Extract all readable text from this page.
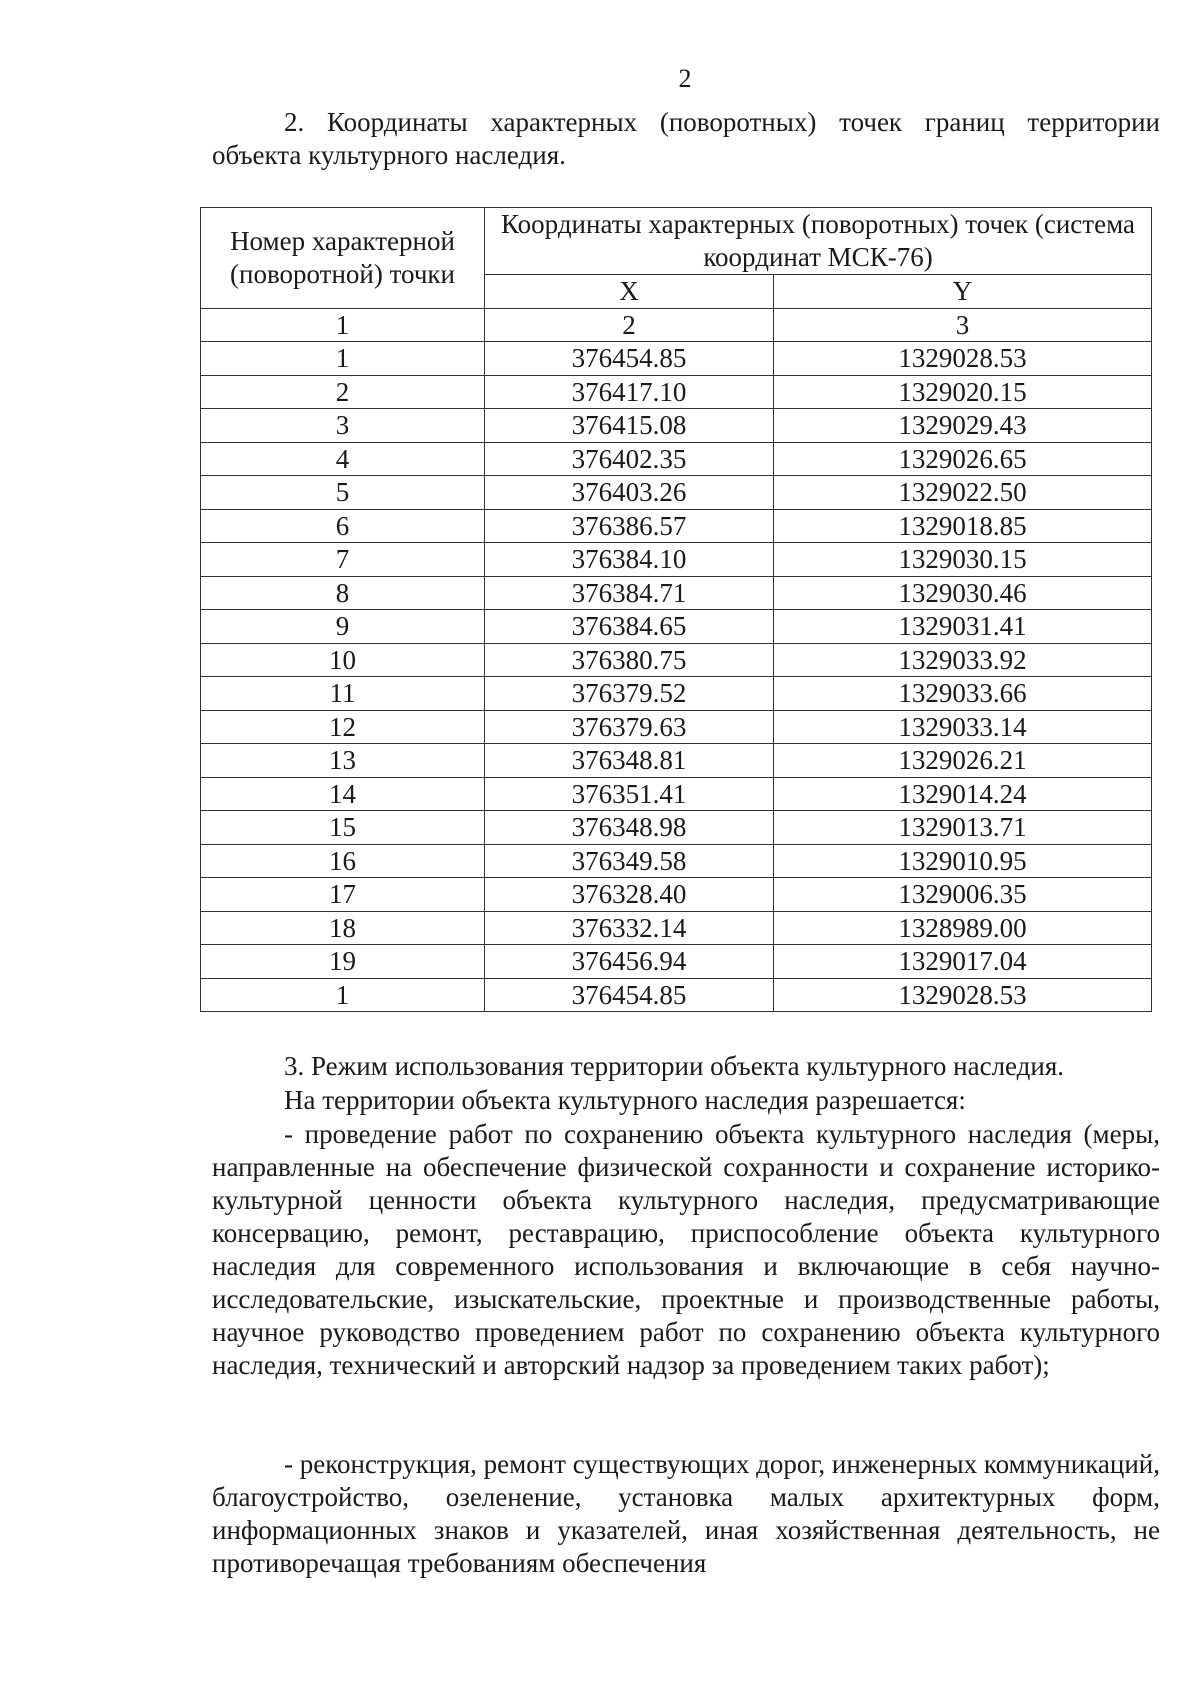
2
2. Координаты характерных (поворотных) точек границ территории объекта культурного наследия.
Номер характерной (поворотной) точки	Координаты характерных (поворотных) точек (система координат МСК-76)	
	X	Y
1	2	3
1	376454.85	1329028.53
2	376417.10	1329020.15
3	376415.08	1329029.43
4	376402.35	1329026.65
5	376403.26	1329022.50
6	376386.57	1329018.85
7	376384.10	1329030.15
8	376384.71	1329030.46
9	376384.65	1329031.41
10	376380.75	1329033.92
11	376379.52	1329033.66
12	376379.63	1329033.14
13	376348.81	1329026.21
14	376351.41	1329014.24
15	376348.98	1329013.71
16	376349.58	1329010.95
17	376328.40	1329006.35
18	376332.14	1328989.00
19	376456.94	1329017.04
1	376454.85	1329028.53
3. Режим использования территории объекта культурного наследия.
На территории объекта культурного наследия разрешается:
- проведение работ по сохранению объекта культурного наследия (меры, направленные на обеспечение физической сохранности и сохранение историко-культурной ценности объекта культурного наследия, предусматривающие консервацию, ремонт, реставрацию, приспособление объекта культурного наследия для современного использования и включающие в себя научно-исследовательские, изыскательские, проектные и производственные работы, научное руководство проведением работ по сохранению объекта культурного наследия, технический и авторский надзор за проведением таких работ);
- реконструкция, ремонт существующих дорог, инженерных коммуникаций, благоустройство, озеленение, установка малых архитектурных форм, информационных знаков и указателей, иная хозяйственная деятельность, не противоречащая требованиям обеспечения
